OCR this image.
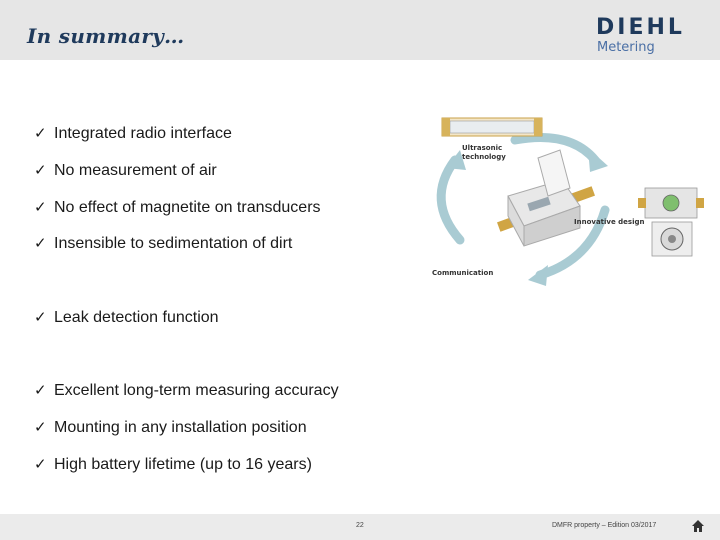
In summary…	DIEHL
Metering
✓ Integrated radio interface
✓ No measurement of air
✓ No effect of magnetite on transducers
✓ Insensible to sedimentation of dirt
✓ Leak detection function
✓ Excellent long-term measuring accuracy
✓ Mounting in any installation position
✓ High battery lifetime (up to 16 years)
Ultrasonic technology
Innovative design
Communication
22	DMFR property – Edition 03/2017
